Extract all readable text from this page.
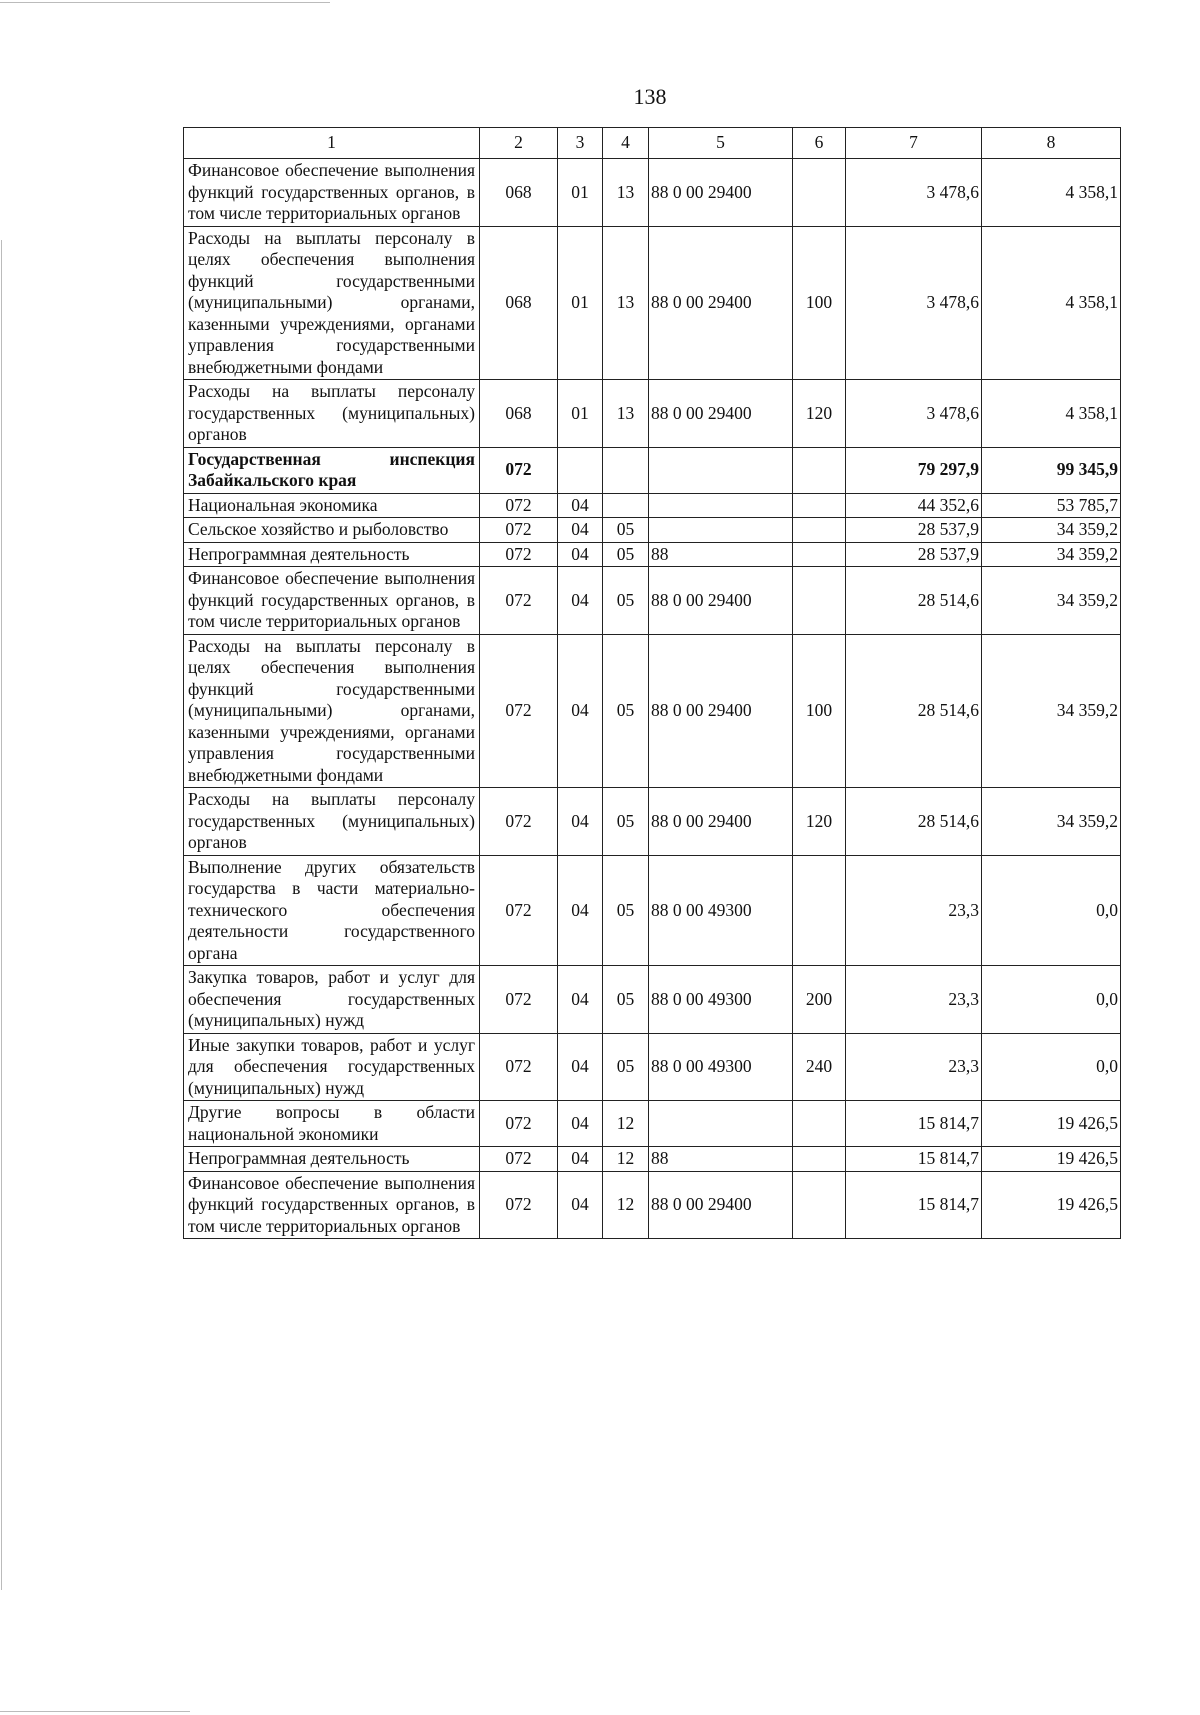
138
1	2	3	4	5	6	7	8
Финансовое обеспечение выполнения функций государственных органов, в том числе территориальных органов	068	01	13	88 0 00 29400		3 478,6	4 358,1
Расходы на выплаты персоналу в целях обеспечения выполнения функций государственными (муниципальными) органами, казенными учреждениями, органами управления государственными внебюджетными фондами	068	01	13	88 0 00 29400	100	3 478,6	4 358,1
Расходы на выплаты персоналу государственных (муниципальных) органов	068	01	13	88 0 00 29400	120	3 478,6	4 358,1
Государственная инспекция Забайкальского края	072					79 297,9	99 345,9
Национальная экономика	072	04				44 352,6	53 785,7
Сельское хозяйство и рыболовство	072	04	05			28 537,9	34 359,2
Непрограммная деятельность	072	04	05	88		28 537,9	34 359,2
Финансовое обеспечение выполнения функций государственных органов, в том числе территориальных органов	072	04	05	88 0 00 29400		28 514,6	34 359,2
Расходы на выплаты персоналу в целях обеспечения выполнения функций государственными (муниципальными) органами, казенными учреждениями, органами управления государственными внебюджетными фондами	072	04	05	88 0 00 29400	100	28 514,6	34 359,2
Расходы на выплаты персоналу государственных (муниципальных) органов	072	04	05	88 0 00 29400	120	28 514,6	34 359,2
Выполнение других обязательств государства в части материально-технического обеспечения деятельности государственного органа	072	04	05	88 0 00 49300		23,3	0,0
Закупка товаров, работ и услуг для обеспечения государственных (муниципальных) нужд	072	04	05	88 0 00 49300	200	23,3	0,0
Иные закупки товаров, работ и услуг для обеспечения государственных (муниципальных) нужд	072	04	05	88 0 00 49300	240	23,3	0,0
Другие вопросы в области национальной экономики	072	04	12			15 814,7	19 426,5
Непрограммная деятельность	072	04	12	88		15 814,7	19 426,5
Финансовое обеспечение выполнения функций государственных органов, в том числе территориальных органов	072	04	12	88 0 00 29400		15 814,7	19 426,5
